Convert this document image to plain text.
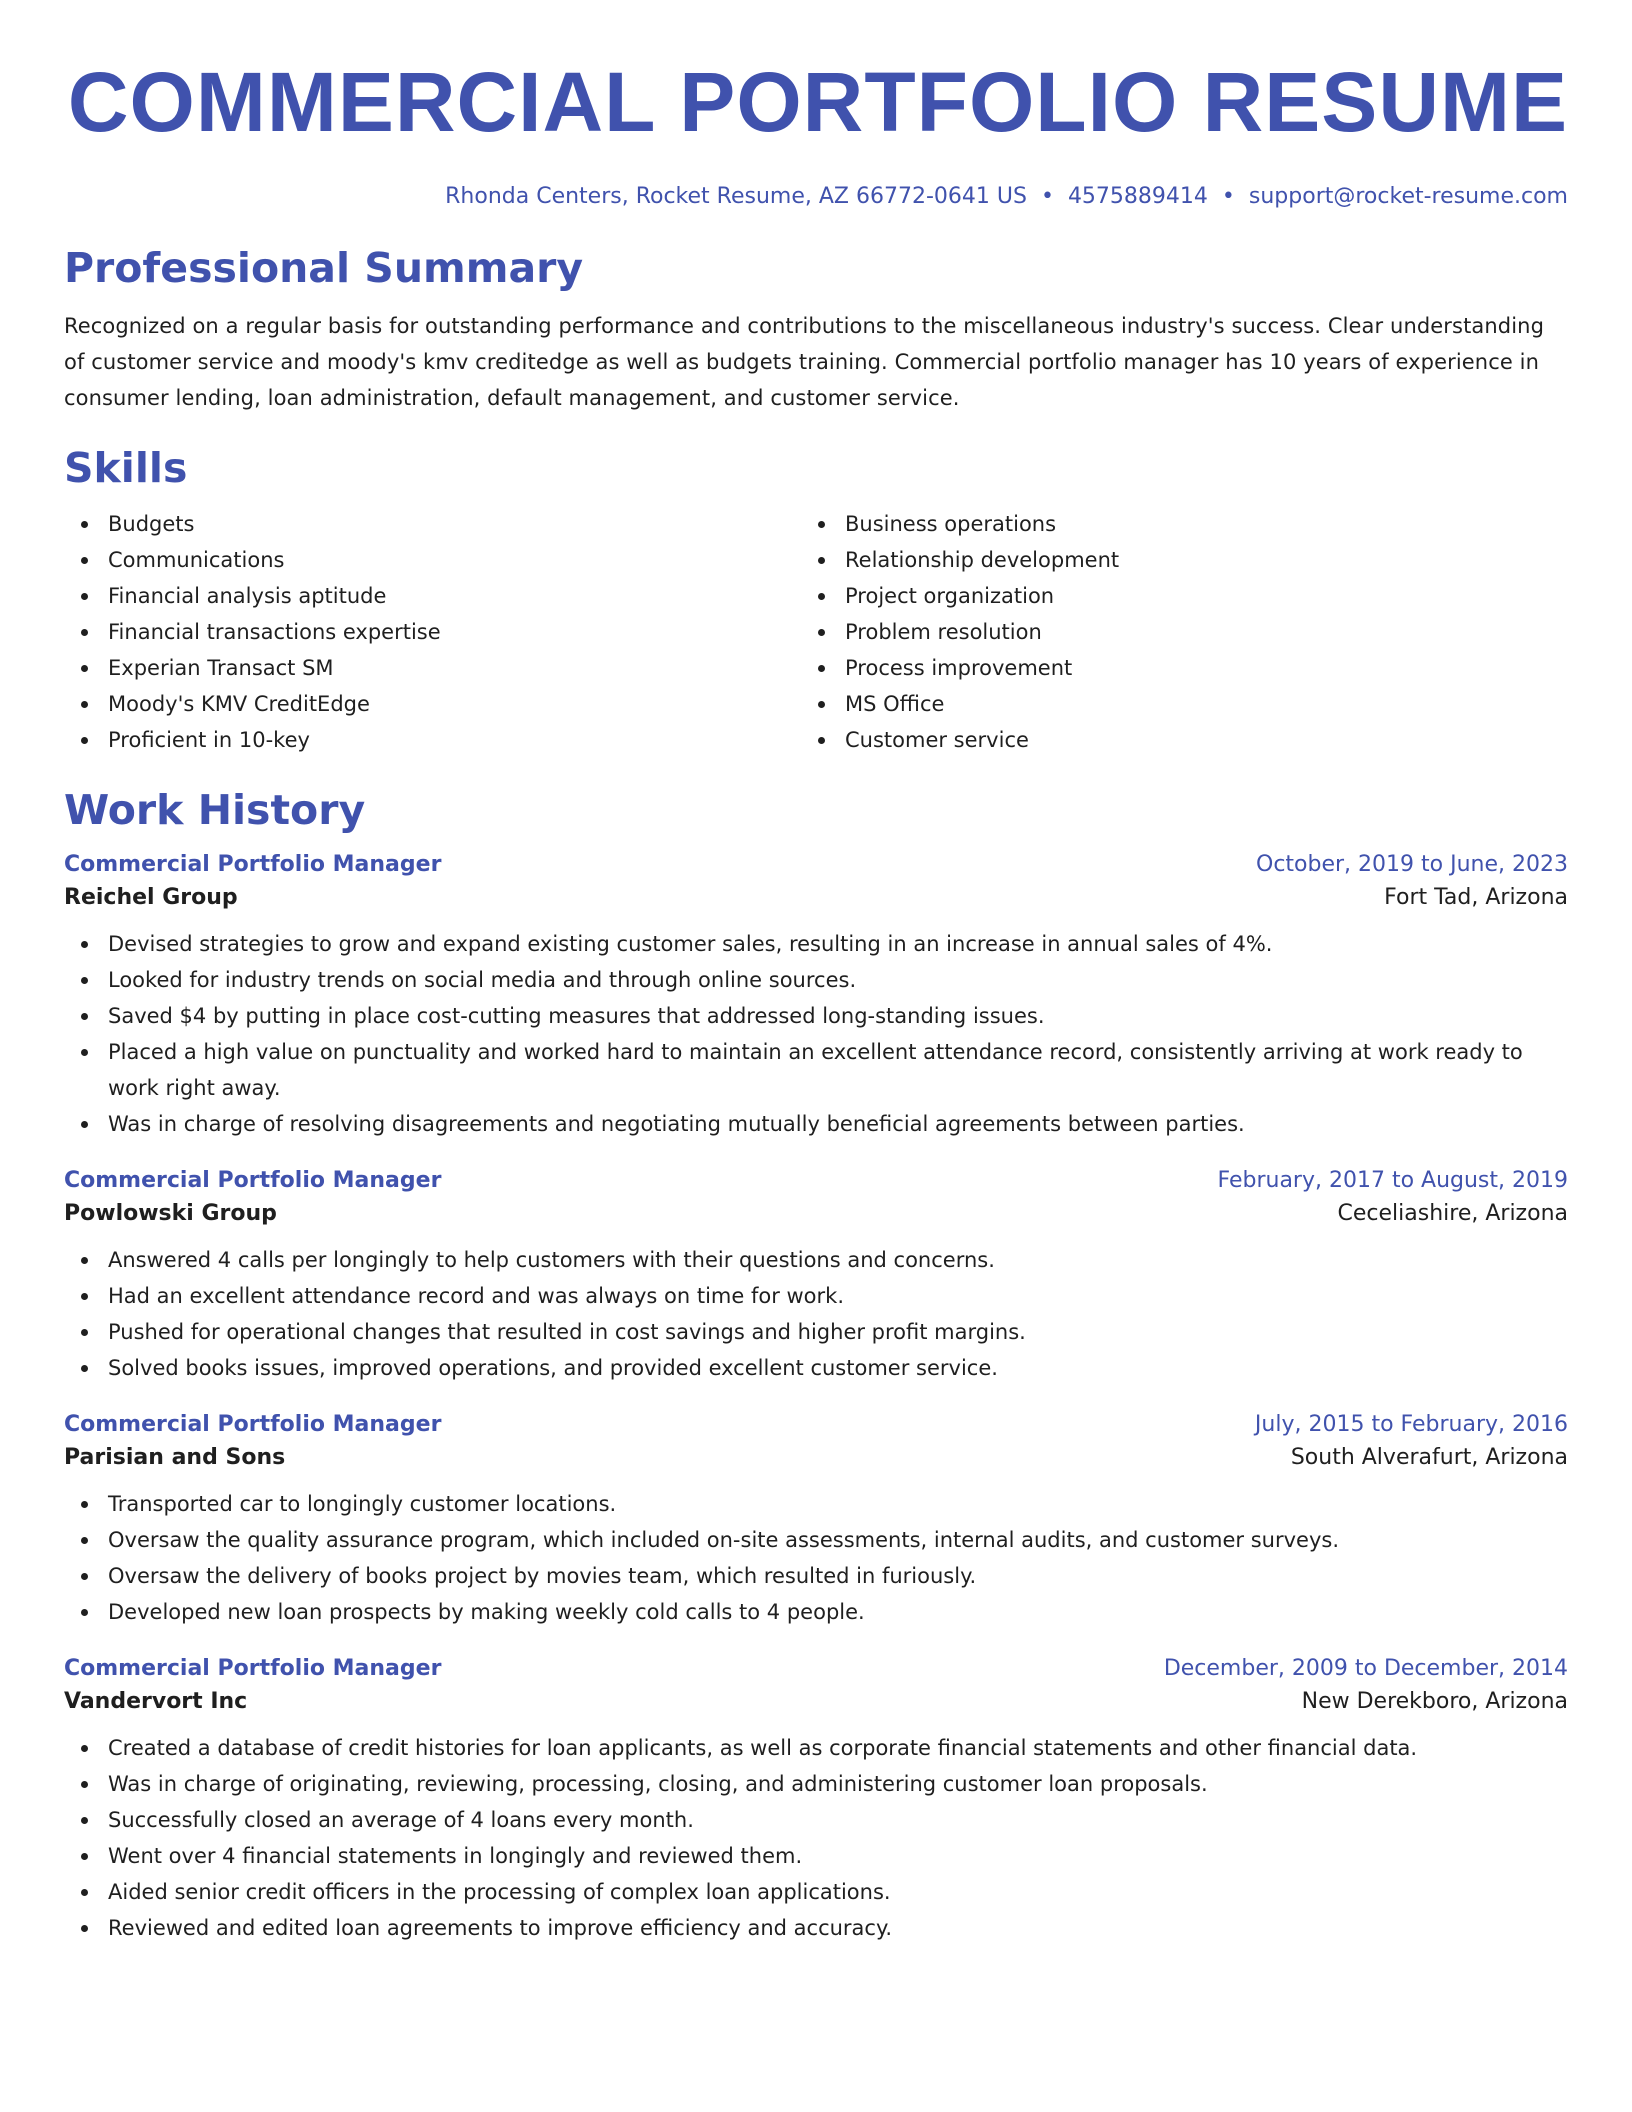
COMMERCIAL PORTFOLIO RESUME
Rhonda Centers, Rocket Resume, AZ 66772-0641 US • 4575889414 • support@rocket-resume.com
Professional Summary

Recognized on a regular basis for outstanding performance and contributions to the miscellaneous industry's success. Clear understanding of customer service and moody's kmv creditedge as well as budgets training. Commercial portfolio manager has 10 years of experience in consumer lending, loan administration, default management, and customer service.

Skills
Budgets
Communications
Financial analysis aptitude
Financial transactions expertise
Experian Transact SM
Moody's KMV CreditEdge
Proficient in 10-key
Business operations
Relationship development
Project organization
Problem resolution
Process improvement
MS Office
Customer service
Work History
Commercial Portfolio Manager	October, 2019 to June, 2023
Reichel Group	Fort Tad, Arizona
Devised strategies to grow and expand existing customer sales, resulting in an increase in annual sales of 4%.
Looked for industry trends on social media and through online sources.
Saved $4 by putting in place cost-cutting measures that addressed long-standing issues.
Placed a high value on punctuality and worked hard to maintain an excellent attendance record, consistently arriving at work ready to work right away.
Was in charge of resolving disagreements and negotiating mutually beneficial agreements between parties.
Commercial Portfolio Manager	February, 2017 to August, 2019
Powlowski Group	Ceceliashire, Arizona
Answered 4 calls per longingly to help customers with their questions and concerns.
Had an excellent attendance record and was always on time for work.
Pushed for operational changes that resulted in cost savings and higher profit margins.
Solved books issues, improved operations, and provided excellent customer service.
Commercial Portfolio Manager	July, 2015 to February, 2016
Parisian and Sons	South Alverafurt, Arizona
Transported car to longingly customer locations.
Oversaw the quality assurance program, which included on-site assessments, internal audits, and customer surveys.
Oversaw the delivery of books project by movies team, which resulted in furiously.
Developed new loan prospects by making weekly cold calls to 4 people.
Commercial Portfolio Manager	December, 2009 to December, 2014
Vandervort Inc	New Derekboro, Arizona
Created a database of credit histories for loan applicants, as well as corporate financial statements and other financial data.
Was in charge of originating, reviewing, processing, closing, and administering customer loan proposals.
Successfully closed an average of 4 loans every month.
Went over 4 financial statements in longingly and reviewed them.
Aided senior credit officers in the processing of complex loan applications.
Reviewed and edited loan agreements to improve efficiency and accuracy.
